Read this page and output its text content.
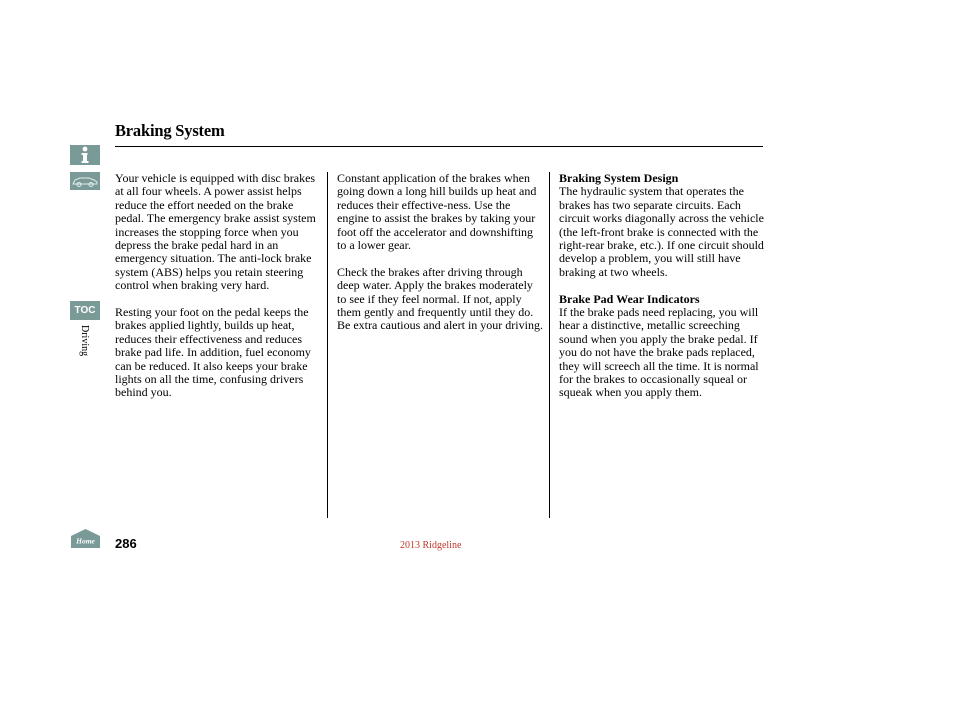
TOC
Driving
Home
Braking System

Your vehicle is equipped with disc brakes at all four wheels. A power assist helps reduce the effort needed on the brake pedal. The emergency brake assist system increases the stopping force when you depress the brake pedal hard in an emergency situation. The anti-lock brake system (ABS) helps you retain steering control when braking very hard.

Resting your foot on the pedal keeps the brakes applied lightly, builds up heat, reduces their effectiveness and reduces brake pad life. In addition, fuel economy can be reduced. It also keeps your brake lights on all the time, confusing drivers behind you.

Constant application of the brakes when going down a long hill builds up heat and reduces their effective-ness. Use the engine to assist the brakes by taking your foot off the accelerator and downshifting to a lower gear.

Check the brakes after driving through deep water. Apply the brakes moderately to see if they feel normal. If not, apply them gently and frequently until they do. Be extra cautious and alert in your driving.

Braking System Design

The hydraulic system that operates the brakes has two separate circuits. Each circuit works diagonally across the vehicle (the left-front brake is connected with the right-rear brake, etc.). If one circuit should develop a problem, you will still have braking at two wheels.

Brake Pad Wear Indicators

If the brake pads need replacing, you will hear a distinctive, metallic screeching sound when you apply the brake pedal. If you do not have the brake pads replaced, they will screech all the time. It is normal for the brakes to occasionally squeal or squeak when you apply them.

286	2013 Ridgeline
